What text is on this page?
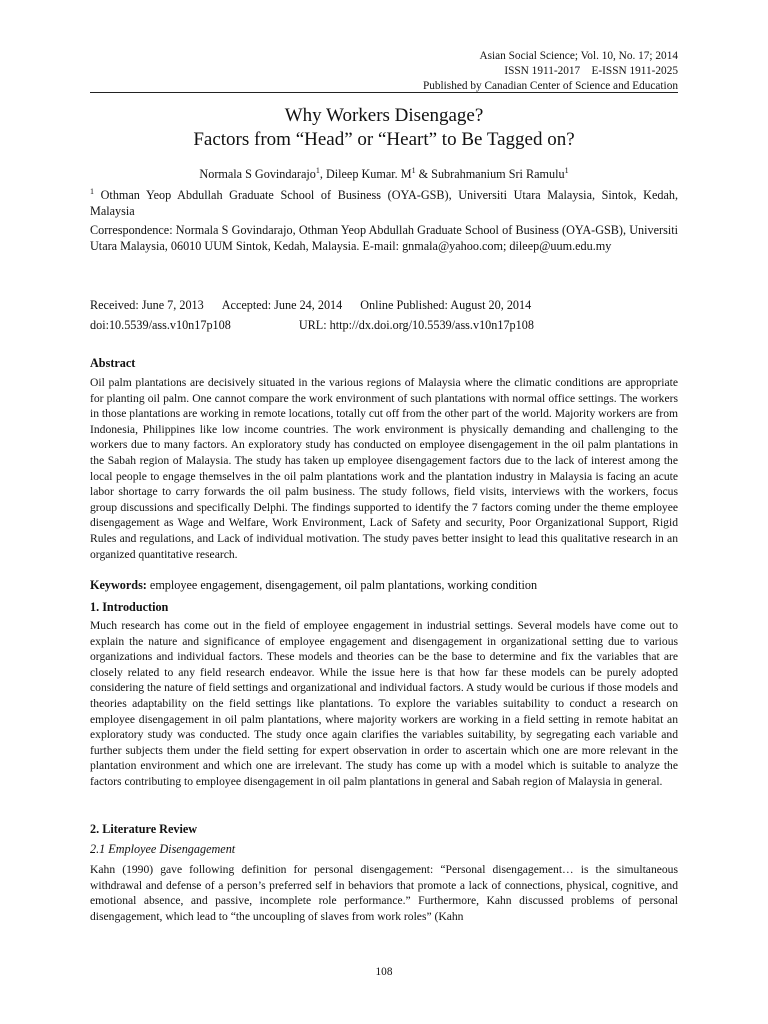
Asian Social Science; Vol. 10, No. 17; 2014
ISSN 1911-2017    E-ISSN 1911-2025
Published by Canadian Center of Science and Education
Why Workers Disengage?
Factors from “Head” or “Heart” to Be Tagged on?
Normala S Govindarajo$^1$, Dileep Kumar. $M^1$ & Subrahmanium Sri Ramulu$^1$
$^1$ Othman Yeop Abdullah Graduate School of Business (OYA-GSB), Universiti Utara Malaysia, Sintok, Kedah, Malaysia
Correspondence: Normala S Govindarajo, Othman Yeop Abdullah Graduate School of Business (OYA-GSB), Universiti Utara Malaysia, 06010 UUM Sintok, Kedah, Malaysia. E-mail: gnmala@yahoo.com; dileep@uum.edu.my
Received: June 7, 2013 Accepted: June 24, 2014 Online Published: August 20, 2014
doi:10.5539/ass.v10n17p108	URL: http://dx.doi.org/10.5539/ass.v10n17p108
Abstract
Oil palm plantations are decisively situated in the various regions of Malaysia where the climatic conditions are appropriate for planting oil palm. One cannot compare the work environment of such plantations with normal office settings. The workers in those plantations are working in remote locations, totally cut off from the other part of the world. Majority workers are from Indonesia, Philippines like low income countries. The work environment is physically demanding and challenging to the workers due to many factors. An exploratory study has conducted on employee disengagement in the oil palm plantations in the Sabah region of Malaysia. The study has taken up employee disengagement factors due to the lack of interest among the local people to engage themselves in the oil palm plantations work and the plantation industry in Malaysia is facing an acute labor shortage to carry forwards the oil palm business. The study follows, field visits, interviews with the workers, focus group discussions and specifically Delphi. The findings supported to identify the 7 factors coming under the theme employee disengagement as Wage and Welfare, Work Environment, Lack of Safety and security, Poor Organizational Support, Rigid Rules and regulations, and Lack of individual motivation. The study paves better insight to lead this qualitative research in an organized quantitative research.
Keywords: employee engagement, disengagement, oil palm plantations, working condition
1. Introduction
Much research has come out in the field of employee engagement in industrial settings. Several models have come out to explain the nature and significance of employee engagement and disengagement in organizational setting due to various organizations and individual factors. These models and theories can be the base to determine and fix the variables that are closely related to any field research endeavor. While the issue here is that how far these models can be purely adopted considering the nature of field settings and organizational and individual factors. A study would be curious if those models and theories adaptability on the field settings like plantations. To explore the variables suitability to conduct a research on employee disengagement in oil palm plantations, where majority workers are working in a field setting in remote habitat an exploratory study was conducted. The study once again clarifies the variables suitability, by segregating each variable and further subjects them under the field setting for expert observation in order to ascertain which one are more relevant in the plantation environment and which one are irrelevant. The study has come up with a model which is suitable to analyze the factors contributing to employee disengagement in oil palm plantations in general and Sabah region of Malaysia in general.
2. Literature Review
2.1 Employee Disengagement
Kahn (1990) gave following definition for personal disengagement: “Personal disengagement… is the simultaneous withdrawal and defense of a person’s preferred self in behaviors that promote a lack of connections, physical, cognitive, and emotional absence, and passive, incomplete role performance.” Furthermore, Kahn discussed problems of personal disengagement, which lead to “the uncoupling of slaves from work roles” (Kahn
108
